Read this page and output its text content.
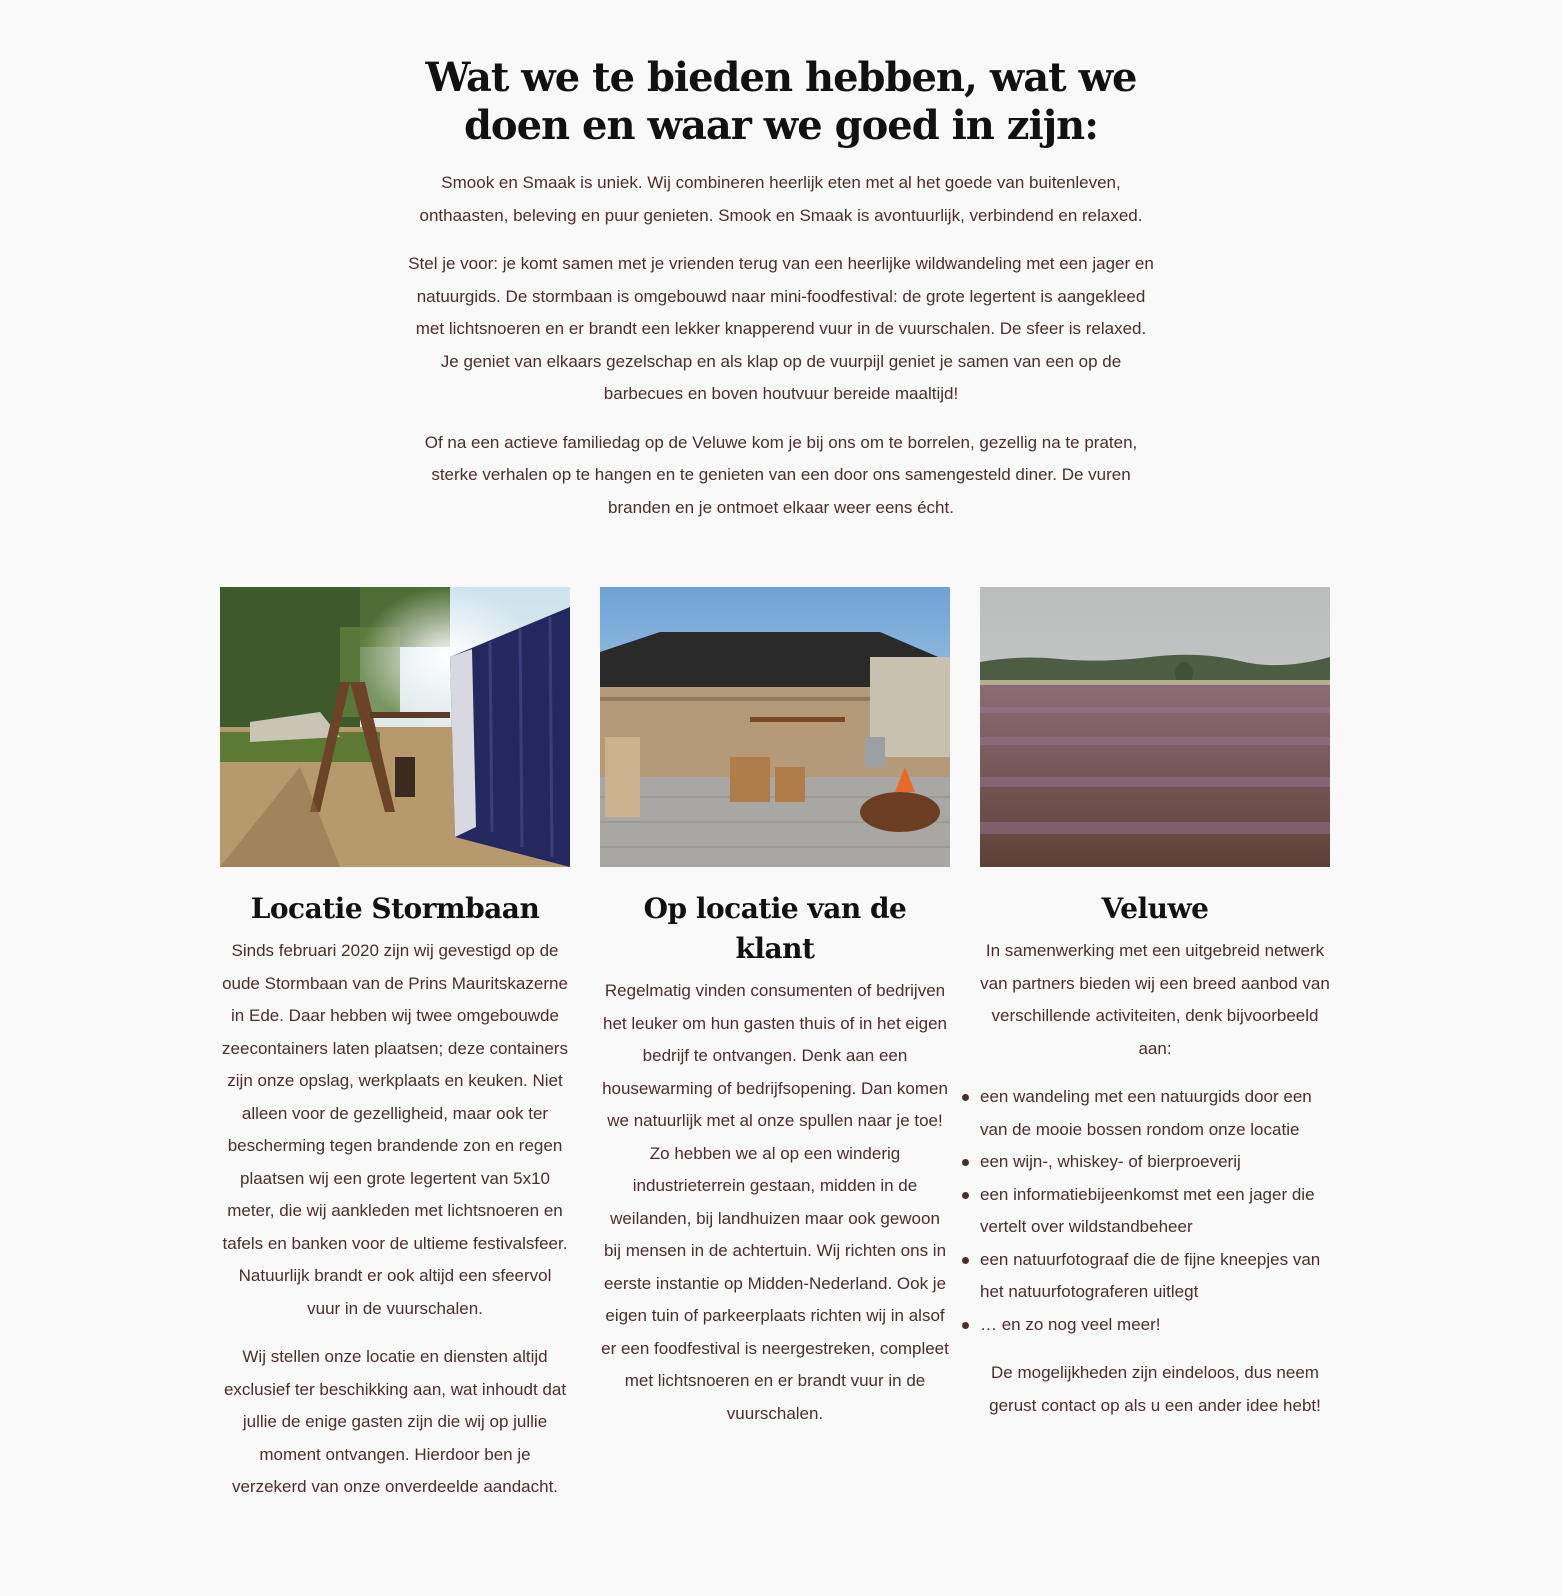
Wat we te bieden hebben, wat we doen en waar we goed in zijn:

Smook en Smaak is uniek. Wij combineren heerlijk eten met al het goede van buitenleven, onthaasten, beleving en puur genieten. Smook en Smaak is avontuurlijk, verbindend en relaxed.

Stel je voor: je komt samen met je vrienden terug van een heerlijke wildwandeling met een jager en natuurgids. De stormbaan is omgebouwd naar mini-foodfestival: de grote legertent is aangekleed met lichtsnoeren en er brandt een lekker knapperend vuur in de vuurschalen. De sfeer is relaxed. Je geniet van elkaars gezelschap en als klap op de vuurpijl geniet je samen van een op de barbecues en boven houtvuur bereide maaltijd!

Of na een actieve familiedag op de Veluwe kom je bij ons om te borrelen, gezellig na te praten, sterke verhalen op te hangen en te genieten van een door ons samengesteld diner. De vuren branden en je ontmoet elkaar weer eens écht.

Locatie Stormbaan

Sinds februari 2020 zijn wij gevestigd op de oude Stormbaan van de Prins Mauritskazerne in Ede. Daar hebben wij twee omgebouwde zeecontainers laten plaatsen; deze containers zijn onze opslag, werkplaats en keuken. Niet alleen voor de gezelligheid, maar ook ter bescherming tegen brandende zon en regen plaatsen wij een grote legertent van 5x10 meter, die wij aankleden met lichtsnoeren en tafels en banken voor de ultieme festivalsfeer. Natuurlijk brandt er ook altijd een sfeervol vuur in de vuurschalen.

Wij stellen onze locatie en diensten altijd exclusief ter beschikking aan, wat inhoudt dat jullie de enige gasten zijn die wij op jullie moment ontvangen. Hierdoor ben je verzekerd van onze onverdeelde aandacht.

Op locatie van de klant

Regelmatig vinden consumenten of bedrijven het leuker om hun gasten thuis of in het eigen bedrijf te ontvangen. Denk aan een housewarming of bedrijfsopening. Dan komen we natuurlijk met al onze spullen naar je toe! Zo hebben we al op een winderig industrieterrein gestaan, midden in de weilanden, bij landhuizen maar ook gewoon bij mensen in de achtertuin. Wij richten ons in eerste instantie op Midden-Nederland. Ook je eigen tuin of parkeerplaats richten wij in alsof er een foodfestival is neergestreken, compleet met lichtsnoeren en er brandt vuur in de vuurschalen.

Veluwe

In samenwerking met een uitgebreid netwerk van partners bieden wij een breed aanbod van verschillende activiteiten, denk bijvoorbeeld aan:

een wandeling met een natuurgids door een van de mooie bossen rondom onze locatie
een wijn-, whiskey- of bierproeverij
een informatiebijeenkomst met een jager die vertelt over wildstandbeheer
een natuurfotograaf die de fijne kneepjes van het natuurfotograferen uitlegt
… en zo nog veel meer!

De mogelijkheden zijn eindeloos, dus neem gerust contact op als u een ander idee hebt!
